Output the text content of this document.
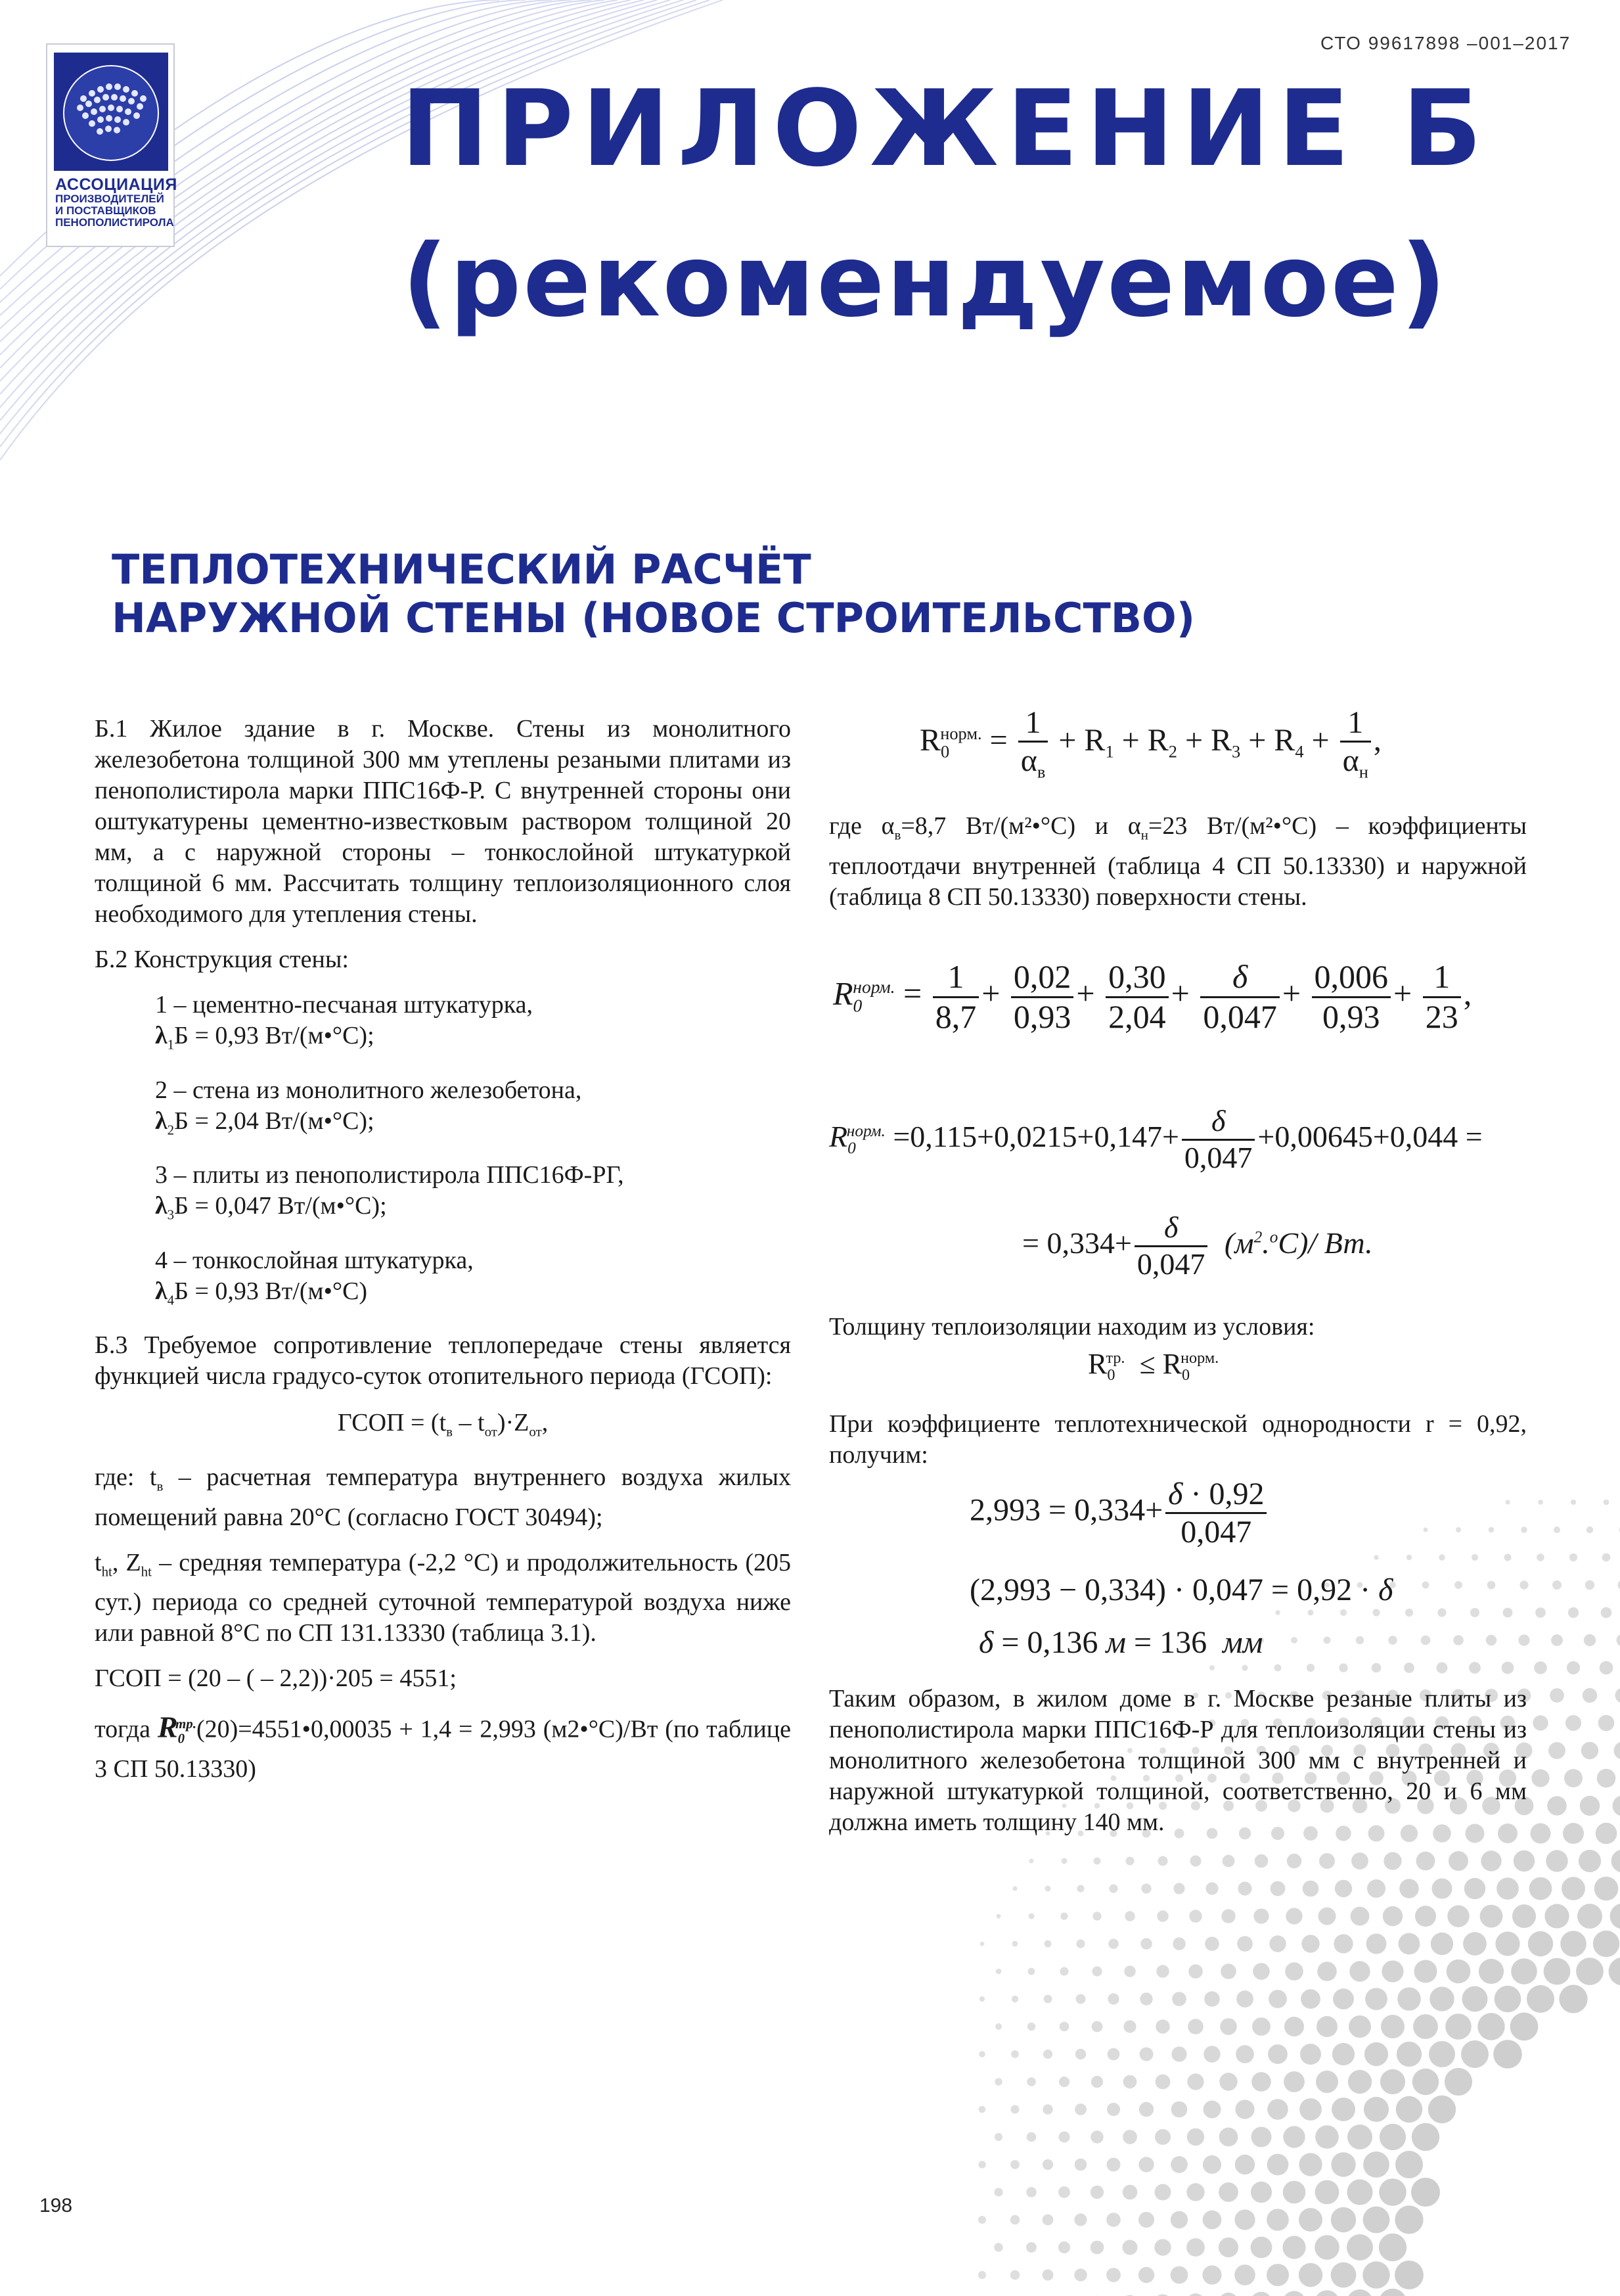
СТО 99617898 –001–2017
АССОЦИАЦИЯ
ПРОИЗВОДИТЕЛЕЙ
И ПОСТАВЩИКОВ
ПЕНОПОЛИСТИРОЛА
ПРИЛОЖЕНИЕ Б
(рекомендуемое)
ТЕПЛОТЕХНИЧЕСКИЙ РАСЧЁТ
НАРУЖНОЙ СТЕНЫ (НОВОЕ СТРОИТЕЛЬСТВО)

Б.1 Жилое здание в г. Москве. Стены из монолитного железобетона толщиной 300 мм утеплены резаными плитами из пенополистирола марки ППС16Ф-Р. С внутренней стороны они оштукатурены цементно-известковым раствором толщиной 20 мм, а с наружной стороны – тонкослойной штукатуркой толщиной 6 мм. Рассчитать толщину теплоизоляционного слоя необходимого для утепления стены.

Б.2 Конструкция стены:

1 – цементно-песчаная штукатурка,

$\lambda_1Б = 0,93$ Вт/(м•°С);

2 – стена из монолитного железобетона,

$\lambda_2Б = 2,04$ Вт/(м•°С);

3 – плиты из пенополистирола ППС16Ф-РГ,

$\lambda_3Б = 0,047$ Вт/(м•°С);

4 – тонкослойная штукатурка,

$\lambda_4Б = 0,93$ Вт/(м•°С)

Б.3 Требуемое сопротивление теплопередаче стены является функцией числа градусо-суток отопительного периода (ГСОП):

ГСОП = $(t_в - t_{от})\cdot Z_{от}$,

где: $t_в$ – расчетная температура внутреннего воздуха жилых помещений равна 20°С (согласно ГОСТ 30494);

$t_{ht}$, $Z_{ht}$ – средняя температура (-2,2 °С) и продолжительность (205 сут.) периода со средней суточной температурой воздуха ниже или равной 8°С по СП 131.13330 (таблица 3.1).

ГСОП = (20 – ( – 2,2))·205 = 4551;

тогда $R_0^{тр.}(20)=4551•0,00035 + 1,4 = 2,993$ (м2•°С)/Вт (по таблице 3 СП 50.13330)

$R_0^{норм.} = \frac{1}{\alpha_в} + R_1 + R_2 + R_3 + R_4 + \frac{1}{\alpha_н}$ ,
где $\alpha_в=8,7$ Вт/(м²•°С) и $\alpha_н=23$ Вт/(м²•°С) – коэффициенты теплоотдачи внутренней (таблица 4 СП 50.13330) и наружной (таблица 8 СП 50.13330) поверхности стены.
$R_0^{норм.} = \frac{1}{8,7} + \frac{0,02}{0,93} + \frac{0,30}{2,04} + \frac{\delta}{0,047} + \frac{0,006}{0,93} + \frac{1}{23}$ ,
$R_0^{норм.} =0,115+0,0215+0,147+ \frac{\delta}{0,047} +0,00645+0,044$ =
= $0,334+ \frac{\delta}{0,047} (м^2.^оС)/$ Вт.
Толщину теплоизоляции находим из условия:
$R_0^{тр.} \le R_0^{норм.}$
При коэффициенте теплотехнической однородности r = 0,92, получим:
$2,993 = 0,334+ \frac{\delta \cdot 0,92}{0,047}$
(2,993 − 0,334) · 0,047 = 0,92 · δ
δ = 0,136 м = 136  мм
Таким образом, в жилом доме в г. Москве резаные плиты из пенополистирола марки ППС16Ф-Р для теплоизоляции стены из монолитного железобетона толщиной 300 мм с внутренней и наружной штукатуркой толщиной, соответственно, 20 и 6 мм должна иметь толщину 140 мм.
198
